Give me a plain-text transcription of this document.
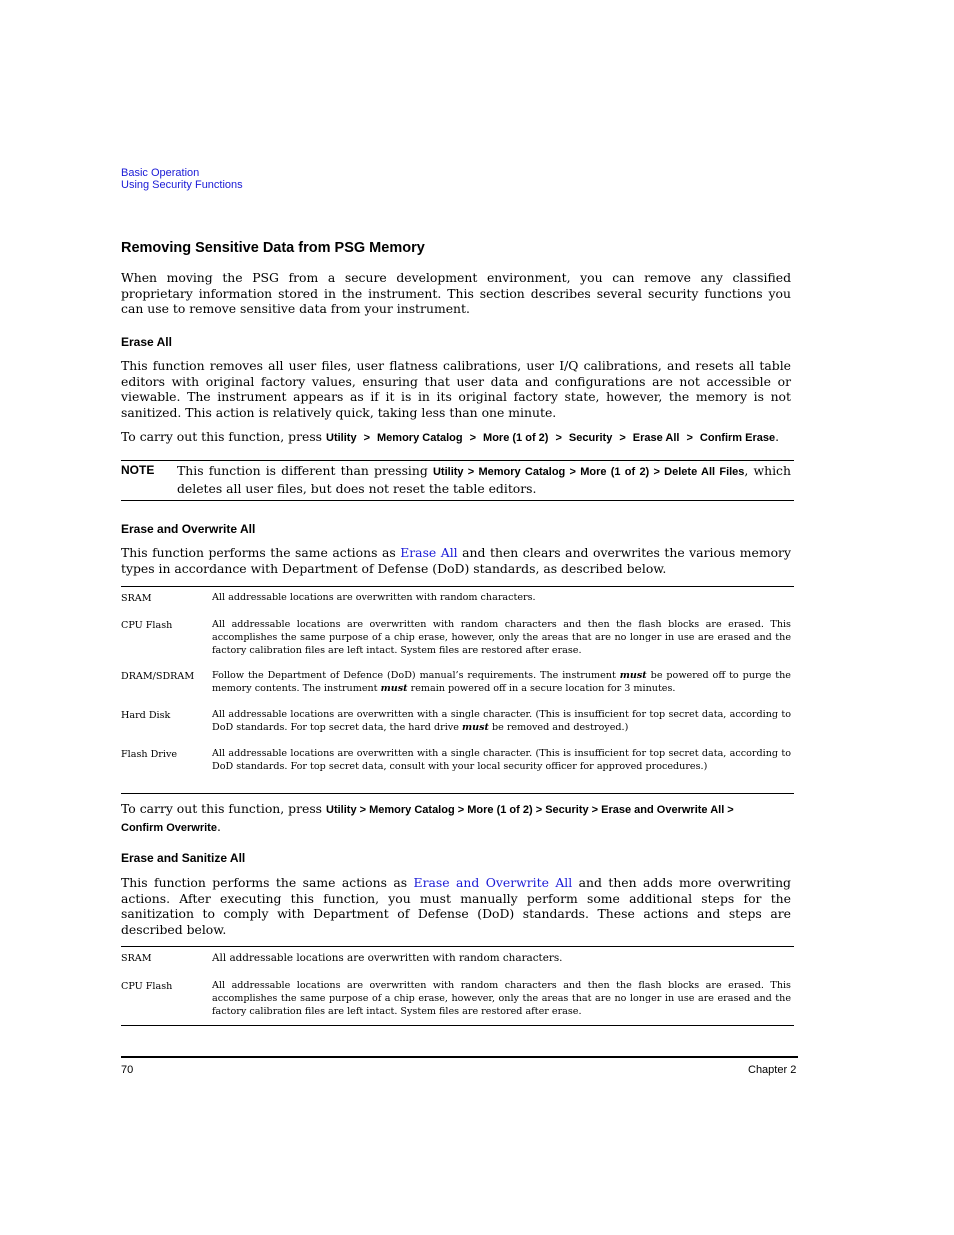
Basic Operation
Using Security Functions
Removing Sensitive Data from PSG Memory

When moving the PSG from a secure development environment, you can remove any classified proprietary information stored in the instrument. This section describes several security functions you can use to remove sensitive data from your instrument.

Erase All

This function removes all user files, user flatness calibrations, user I/Q calibrations, and resets all table editors with original factory values, ensuring that user data and configurations are not accessible or viewable. The instrument appears as if it is in its original factory state, however, the memory is not sanitized. This action is relatively quick, taking less than one minute.

To carry out this function, press Utility  >  Memory Catalog  >  More (1 of 2)  >  Security  >  Erase All  >  Confirm Erase.

NOTE This function is different than pressing Utility > Memory Catalog > More (1 of 2) > Delete All Files, which deletes all user files, but does not reset the table editors.

Erase and Overwrite All

This function performs the same actions as Erase All and then clears and overwrites the various memory types in accordance with Department of Defense (DoD) standards, as described below.

SRAM	All addressable locations are overwritten with random characters.

CPU Flash	All addressable locations are overwritten with random characters and then the flash blocks are erased. This accomplishes the same purpose of a chip erase, however, only the areas that are no longer in use are erased and the factory calibration files are left intact. System files are restored after erase.

DRAM/SDRAM Follow the Department of Defence (DoD) manual’s requirements. The instrument must be powered off to purge the memory contents. The instrument must remain powered off in a secure location for 3 minutes.

Hard Disk	All addressable locations are overwritten with a single character. (This is insufficient for top secret data, according to DoD standards. For top secret data, the hard drive must be removed and destroyed.)

Flash Drive	All addressable locations are overwritten with a single character. (This is insufficient for top secret data, according to DoD standards. For top secret data, consult with your local security officer for approved procedures.)

To carry out this function, press Utility > Memory Catalog > More (1 of 2) > Security > Erase and Overwrite All >
Confirm Overwrite.

Erase and Sanitize All

This function performs the same actions as Erase and Overwrite All and then adds more overwriting actions. After executing this function, you must manually perform some additional steps for the sanitization to comply with Department of Defense (DoD) standards. These actions and steps are described below.

SRAM	All addressable locations are overwritten with random characters.

CPU Flash	All addressable locations are overwritten with random characters and then the flash blocks are erased. This accomplishes the same purpose of a chip erase, however, only the areas that are no longer in use are erased and the factory calibration files are left intact. System files are restored after erase.

70	Chapter 2
